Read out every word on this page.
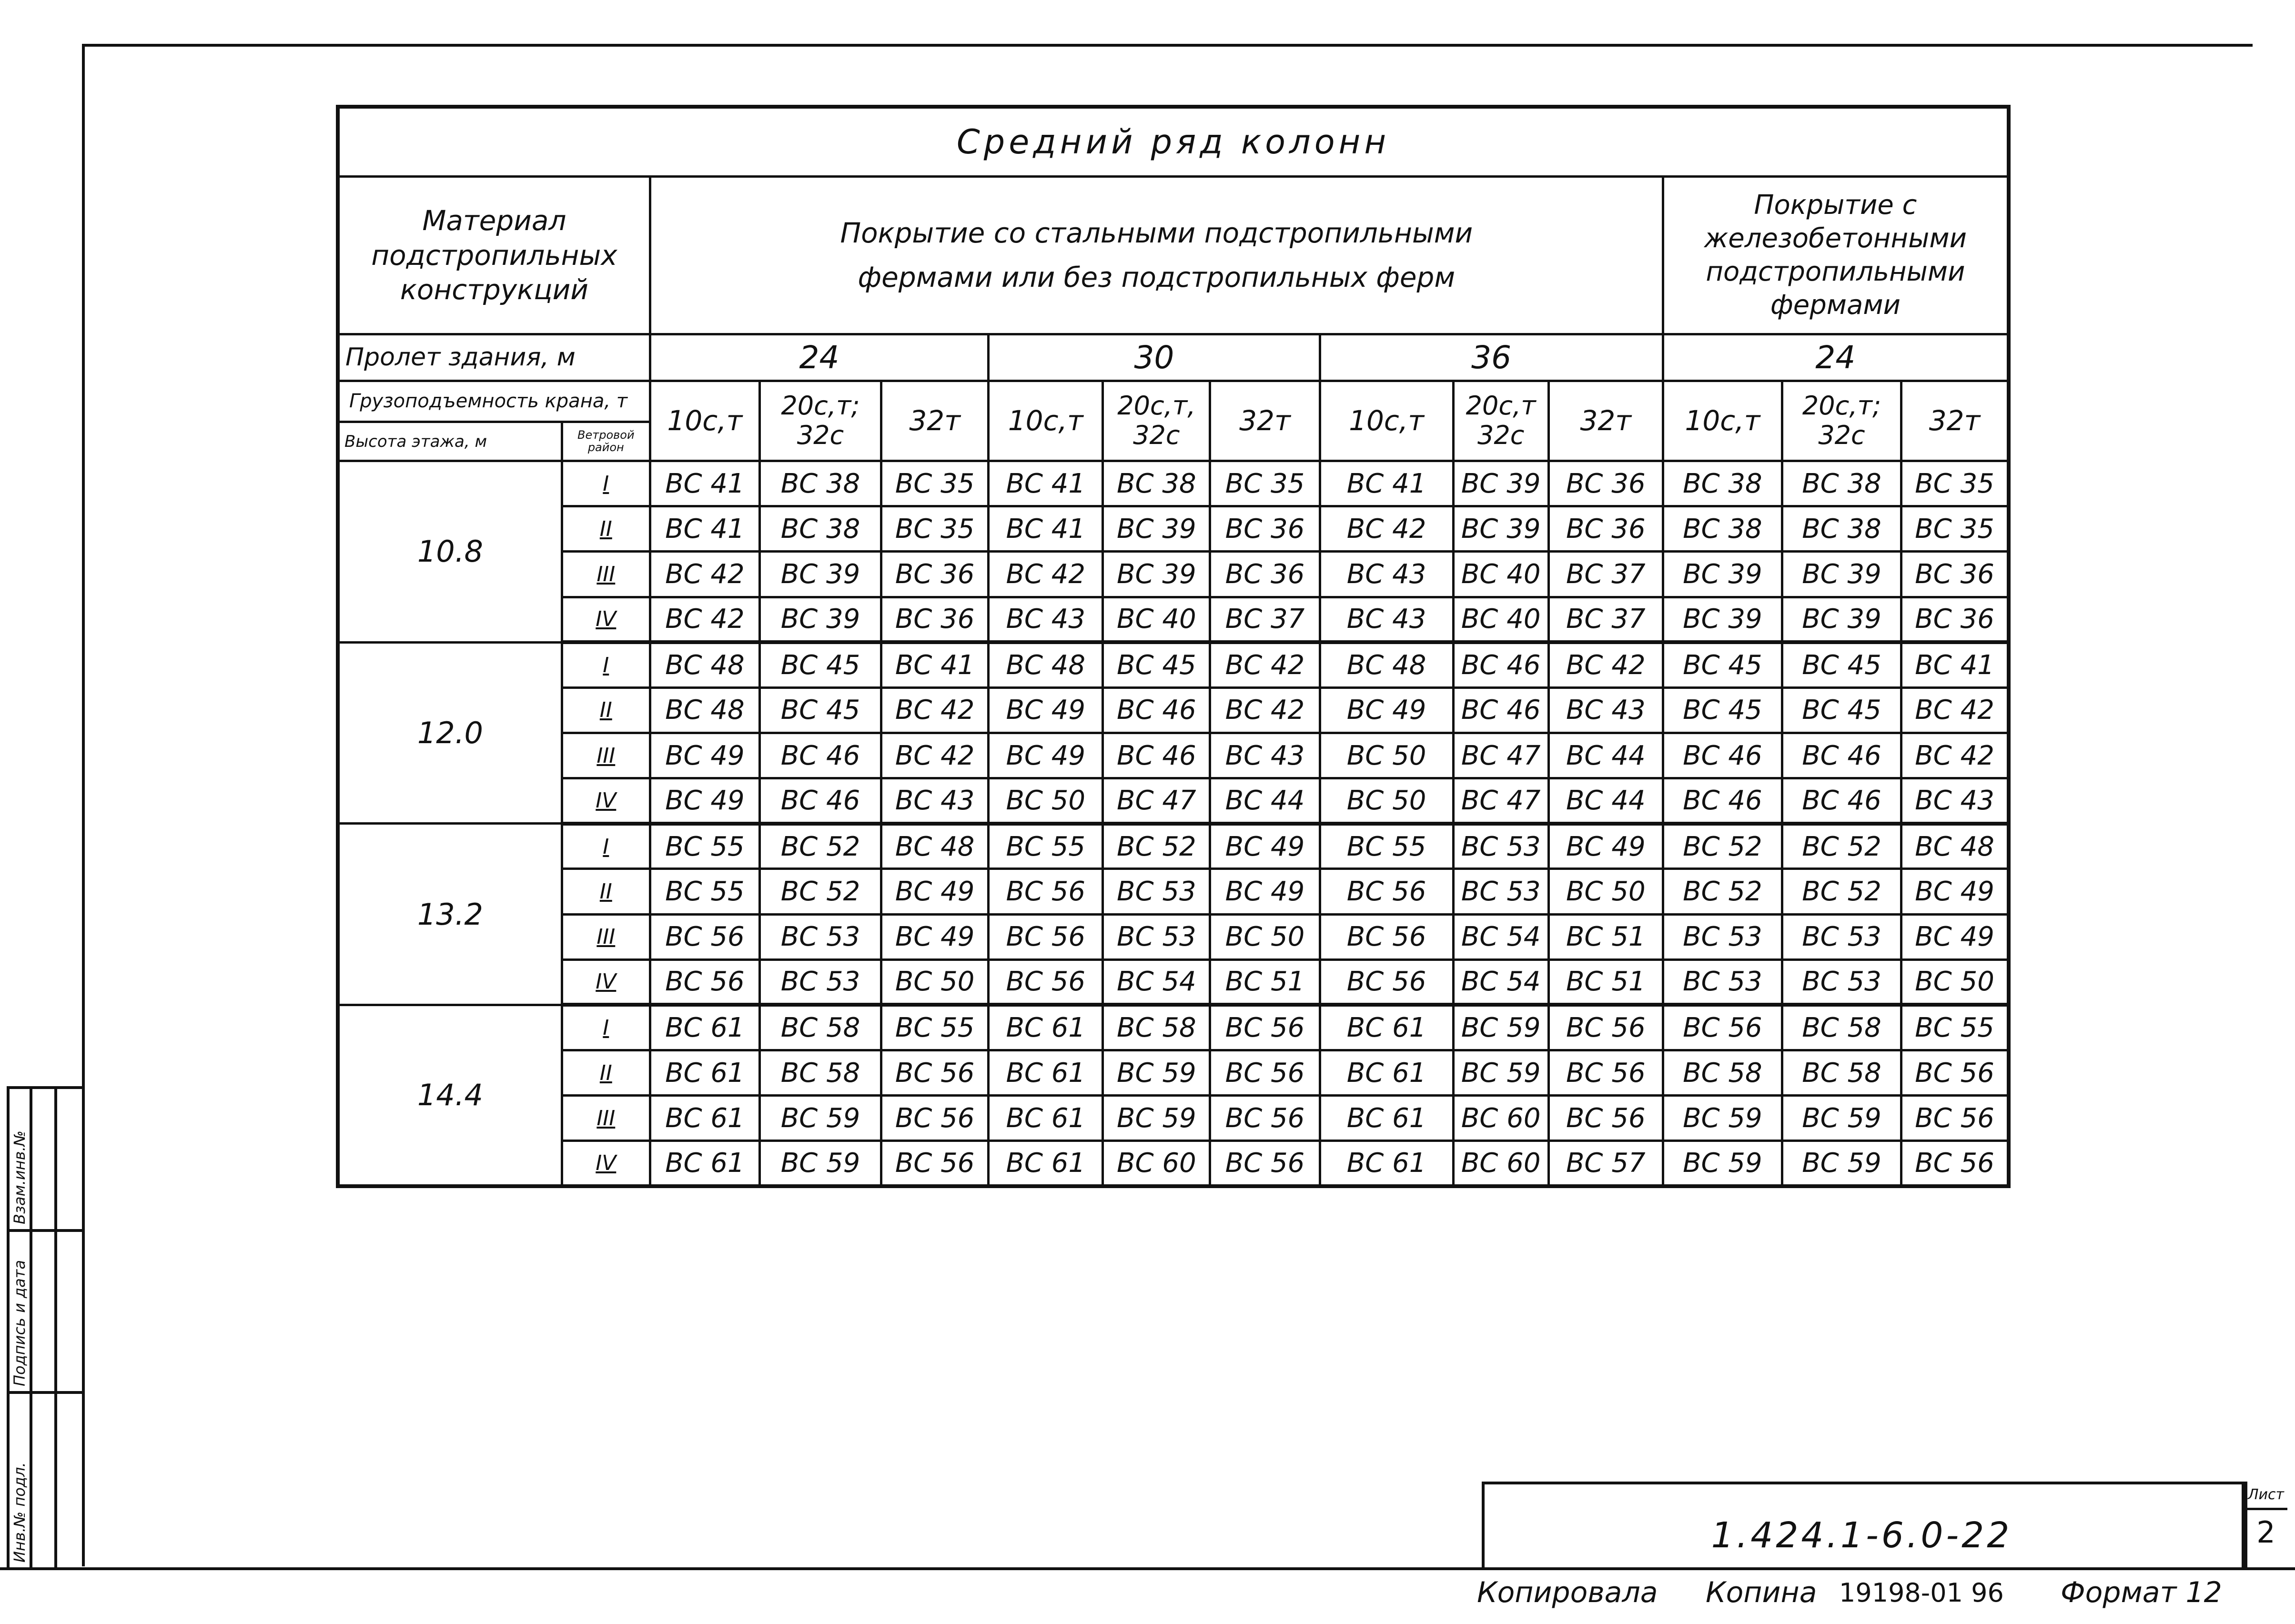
Средний ряд колонн													
Материал подстропильных конструкций		Покрытие со стальными подстропильными
фермами или без подстропильных ферм									Покрытие с железобетонными подстропильными фермами		
Пролет здания, м		24			30			36			24		
Грузоподъемность крана, т		10с,т	20с,т; 32с	32т	10с,т	20с,т, 32с	32т	10с,т	20с,т 32с	32т	10с,т	20с,т; 32с	32т
Высота этажа, м	Ветровой район												
10.8	I	ВС 41	ВС 38	ВС 35	ВС 41	ВС 38	ВС 35	ВС 41	ВС 39	ВС 36	ВС 38	ВС 38	ВС 35
	II	ВС 41	ВС 38	ВС 35	ВС 41	ВС 39	ВС 36	ВС 42	ВС 39	ВС 36	ВС 38	ВС 38	ВС 35
	III	ВС 42	ВС 39	ВС 36	ВС 42	ВС 39	ВС 36	ВС 43	ВС 40	ВС 37	ВС 39	ВС 39	ВС 36
	IV	ВС 42	ВС 39	ВС 36	ВС 43	ВС 40	ВС 37	ВС 43	ВС 40	ВС 37	ВС 39	ВС 39	ВС 36
12.0	I	ВС 48	ВС 45	ВС 41	ВС 48	ВС 45	ВС 42	ВС 48	ВС 46	ВС 42	ВС 45	ВС 45	ВС 41
	II	ВС 48	ВС 45	ВС 42	ВС 49	ВС 46	ВС 42	ВС 49	ВС 46	ВС 43	ВС 45	ВС 45	ВС 42
	III	ВС 49	ВС 46	ВС 42	ВС 49	ВС 46	ВС 43	ВС 50	ВС 47	ВС 44	ВС 46	ВС 46	ВС 42
	IV	ВС 49	ВС 46	ВС 43	ВС 50	ВС 47	ВС 44	ВС 50	ВС 47	ВС 44	ВС 46	ВС 46	ВС 43
13.2	I	ВС 55	ВС 52	ВС 48	ВС 55	ВС 52	ВС 49	ВС 55	ВС 53	ВС 49	ВС 52	ВС 52	ВС 48
	II	ВС 55	ВС 52	ВС 49	ВС 56	ВС 53	ВС 49	ВС 56	ВС 53	ВС 50	ВС 52	ВС 52	ВС 49
	III	ВС 56	ВС 53	ВС 49	ВС 56	ВС 53	ВС 50	ВС 56	ВС 54	ВС 51	ВС 53	ВС 53	ВС 49
	IV	ВС 56	ВС 53	ВС 50	ВС 56	ВС 54	ВС 51	ВС 56	ВС 54	ВС 51	ВС 53	ВС 53	ВС 50
14.4	I	ВС 61	ВС 58	ВС 55	ВС 61	ВС 58	ВС 56	ВС 61	ВС 59	ВС 56	ВС 56	ВС 58	ВС 55
	II	ВС 61	ВС 58	ВС 56	ВС 61	ВС 59	ВС 56	ВС 61	ВС 59	ВС 56	ВС 58	ВС 58	ВС 56
	III	ВС 61	ВС 59	ВС 56	ВС 61	ВС 59	ВС 56	ВС 61	ВС 60	ВС 56	ВС 59	ВС 59	ВС 56
	IV	ВС 61	ВС 59	ВС 56	ВС 61	ВС 60	ВС 56	ВС 61	ВС 60	ВС 57	ВС 59	ВС 59	ВС 56
1.424.1-6.0-22
Лист
2
Копировала Копина 19198-01 96 Формат 12
Взам.инв.№
Подпись и дата
Инв.№ подл.
